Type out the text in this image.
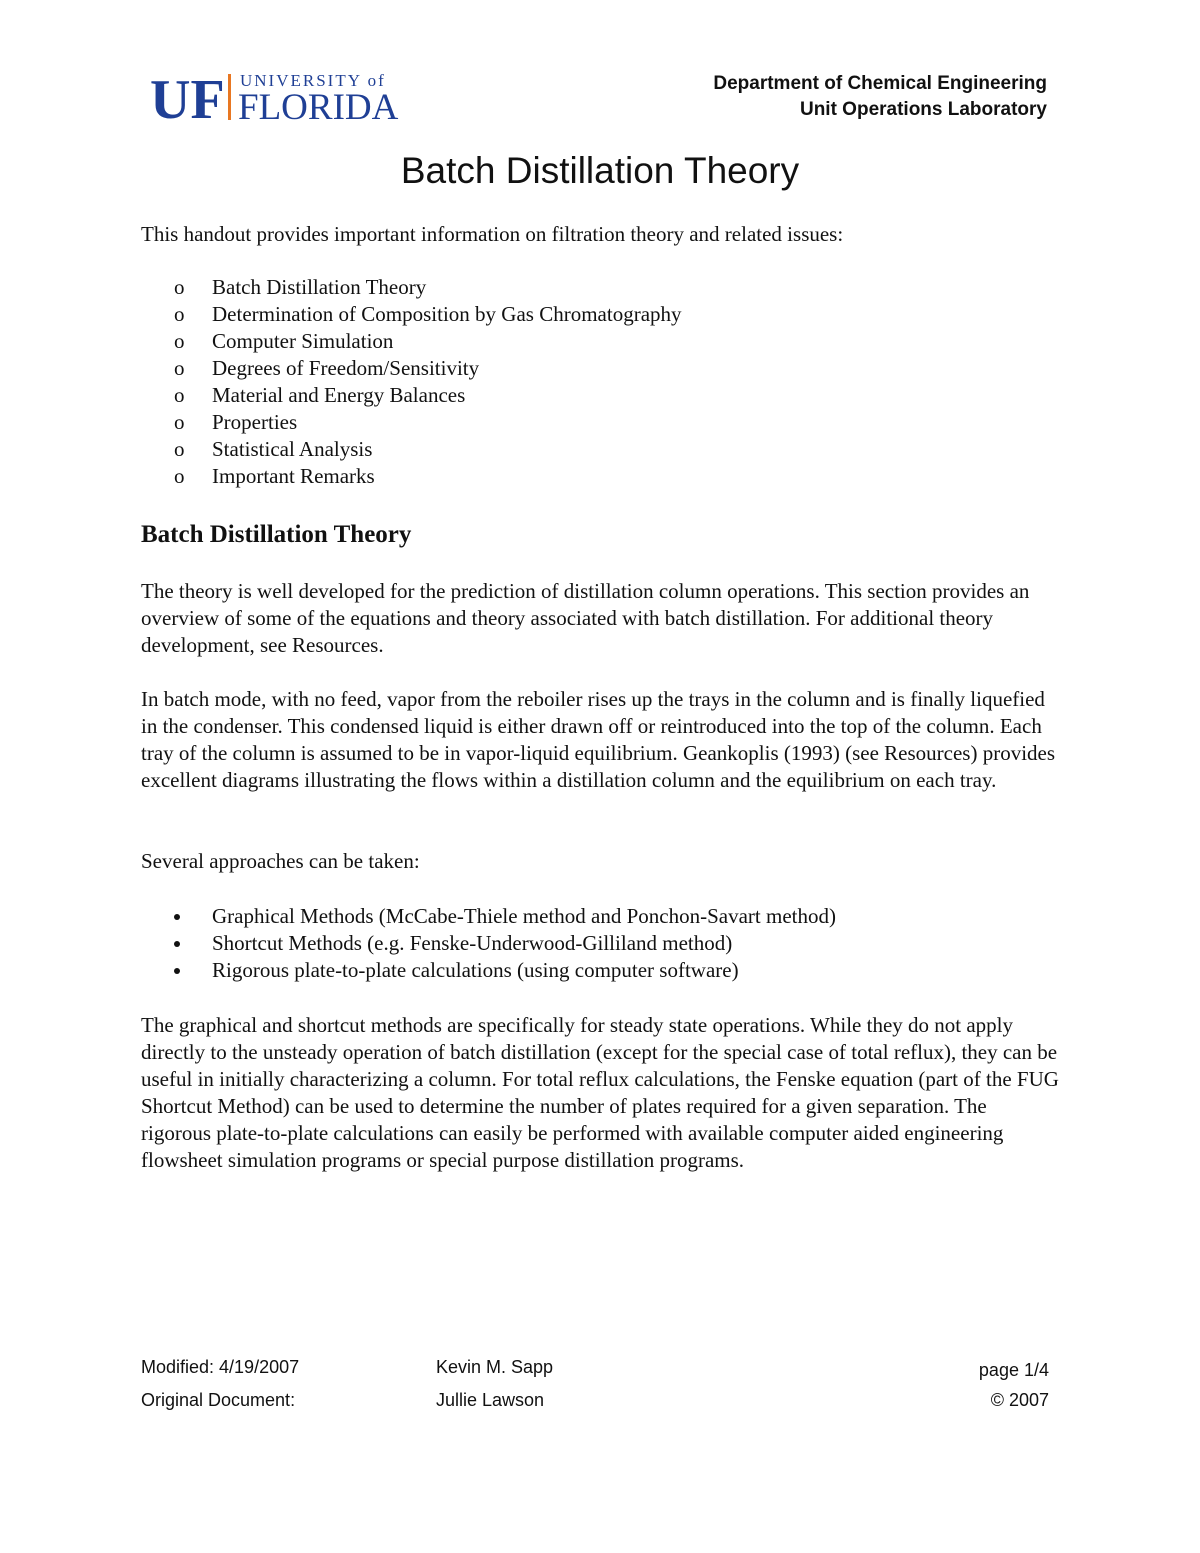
UF UNIVERSITY of
FLORIDA
Department of Chemical Engineering
Unit Operations Laboratory
Batch Distillation Theory
This handout provides important information on filtration theory and related issues:
o Batch Distillation Theory
o Determination of Composition by Gas Chromatography
o Computer Simulation
o Degrees of Freedom/Sensitivity
o Material and Energy Balances
o Properties
o Statistical Analysis
o Important Remarks
Batch Distillation Theory

The theory is well developed for the prediction of distillation column operations. This section provides an overview of some of the equations and theory associated with batch distillation. For additional theory development, see Resources.

In batch mode, with no feed, vapor from the reboiler rises up the trays in the column and is finally liquefied in the condenser. This condensed liquid is either drawn off or reintroduced into the top of the column. Each tray of the column is assumed to be in vapor-liquid equilibrium. Geankoplis (1993) (see Resources) provides excellent diagrams illustrating the flows within a distillation column and the equilibrium on each tray.

Several approaches can be taken:

Graphical Methods (McCabe-Thiele method and Ponchon-Savart method)
Shortcut Methods (e.g. Fenske-Underwood-Gilliland method)
Rigorous plate-to-plate calculations (using computer software)

The graphical and shortcut methods are specifically for steady state operations. While they do not apply directly to the unsteady operation of batch distillation (except for the special case of total reflux), they can be useful in initially characterizing a column. For total reflux calculations, the Fenske equation (part of the FUG Shortcut Method) can be used to determine the number of plates required for a given separation. The rigorous plate-to-plate calculations can easily be performed with available computer aided engineering flowsheet simulation programs or special purpose distillation programs.

Modified: 4/19/2007
Original Document:
Kevin M. Sapp
Jullie Lawson
page 1/4
© 2007
